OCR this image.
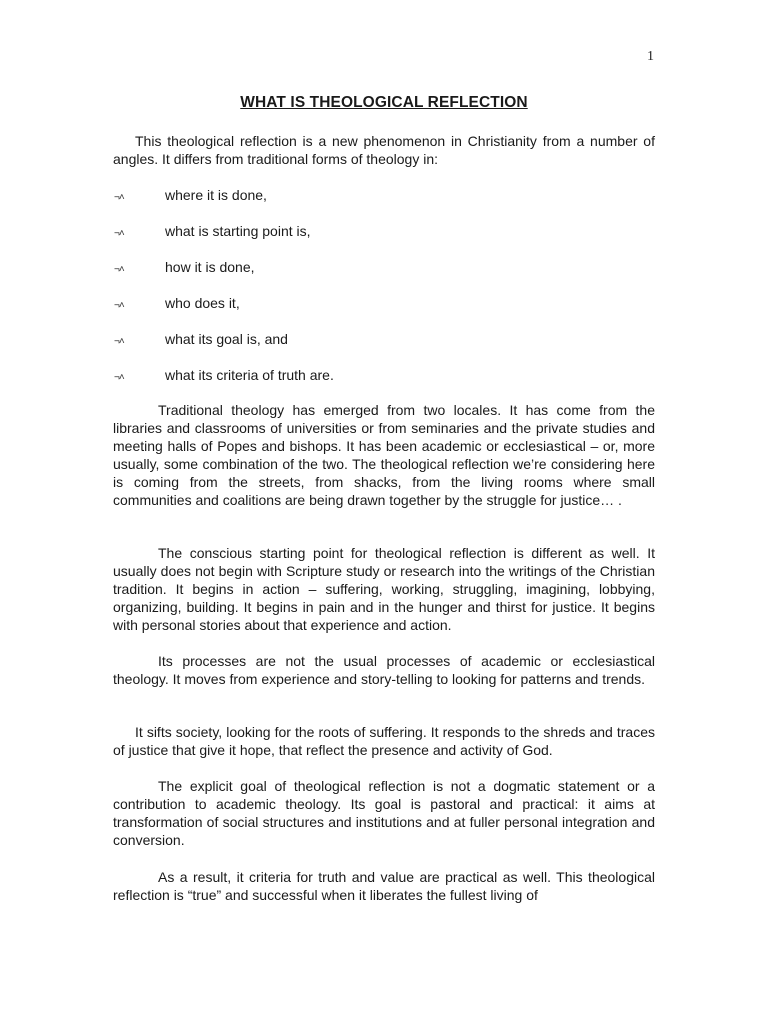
1
WHAT IS THEOLOGICAL REFLECTION
This theological reflection is a new phenomenon in Christianity from a number of angles. It differs from traditional forms of theology in:
¬˄	where it is done,
¬˄	what is starting point is,
¬˄	how it is done,
¬˄	who does it,
¬˄	what its goal is, and
¬˄	what its criteria of truth are.
Traditional theology has emerged from two locales. It has come from the libraries and classrooms of universities or from seminaries and the private studies and meeting halls of Popes and bishops. It has been academic or ecclesiastical – or, more usually, some combination of the two. The theological reflection we’re considering here is coming from the streets, from shacks, from the living rooms where small communities and coalitions are being drawn together by the struggle for justice… .
The conscious starting point for theological reflection is different as well. It usually does not begin with Scripture study or research into the writings of the Christian tradition. It begins in action – suffering, working, struggling, imagining, lobbying, organizing, building. It begins in pain and in the hunger and thirst for justice. It begins with personal stories about that experience and action.
Its processes are not the usual processes of academic or ecclesiastical theology. It moves from experience and story-telling to looking for patterns and trends.
It sifts society, looking for the roots of suffering. It responds to the shreds and traces of justice that give it hope, that reflect the presence and activity of God.
The explicit goal of theological reflection is not a dogmatic statement or a contribution to academic theology. Its goal is pastoral and practical: it aims at transformation of social structures and institutions and at fuller personal integration and conversion.
As a result, it criteria for truth and value are practical as well. This theological reflection is “true” and successful when it liberates the fullest living of
